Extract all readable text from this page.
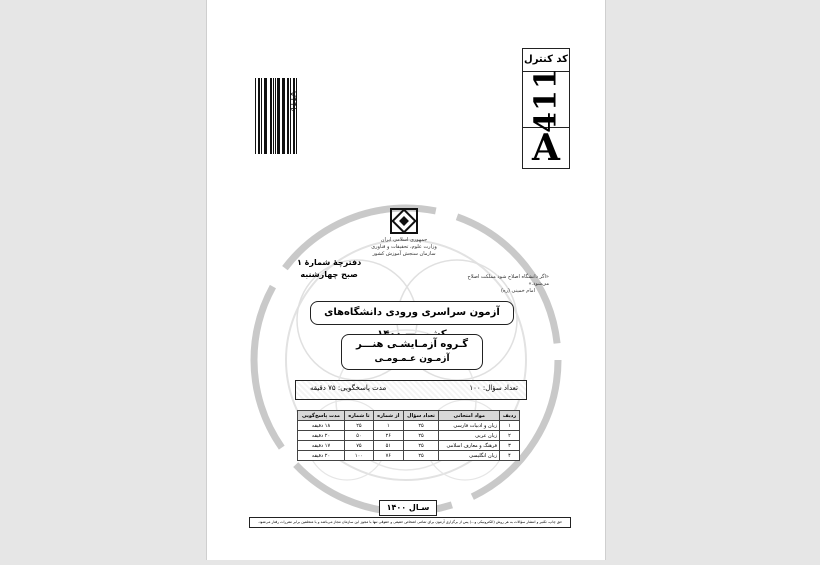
411A
کد کنترل
411
A
جمهوری اسلامی ایران
وزارت علوم، تحقیقات و فناوری
سازمان سنجش آموزش کشور
دفترچهٔ شمارهٔ ۱
صبح چهارشنبه	«اگر دانشگاه اصلاح شود مملکت اصلاح می‌شود.»
امام خمینی (ره)
آزمون سراسری ورودی دانشگاه‌های
گـروه آزمـایشـی هنـــر
آزمـون عـمـومـی
تعداد سؤال: ۱۰۰
مدت پاسخگویی: ۷۵ دقیقه
ردیف	مواد امتحانی	تعداد سؤال	از شماره	تا شماره	مدت پاسخ‌گویی
۱	زبان و ادبیات فارسی	۲۵	۱	۲۵	۱۸ دقیقه
۲	زبان عربی	۲۵	۲۶	۵۰	۲۰ دقیقه
۳	فرهنگ و معارف اسلامی	۲۵	۵۱	۷۵	۱۷ دقیقه
۴	زبان انگلیسی	۲۵	۷۶	۱۰۰	۲۰ دقیقه
سـال ۱۴۰۰
حق چاپ، تکثیر و انتشار سؤالات به هر روش (الکترونیکی و...) پس از برگزاری آزمون برای تمامی اشخاص حقیقی و حقوقی تنها با مجوز این سازمان مجاز می‌باشد و با متخلفین برابر مقررات رفتار می‌شود.
